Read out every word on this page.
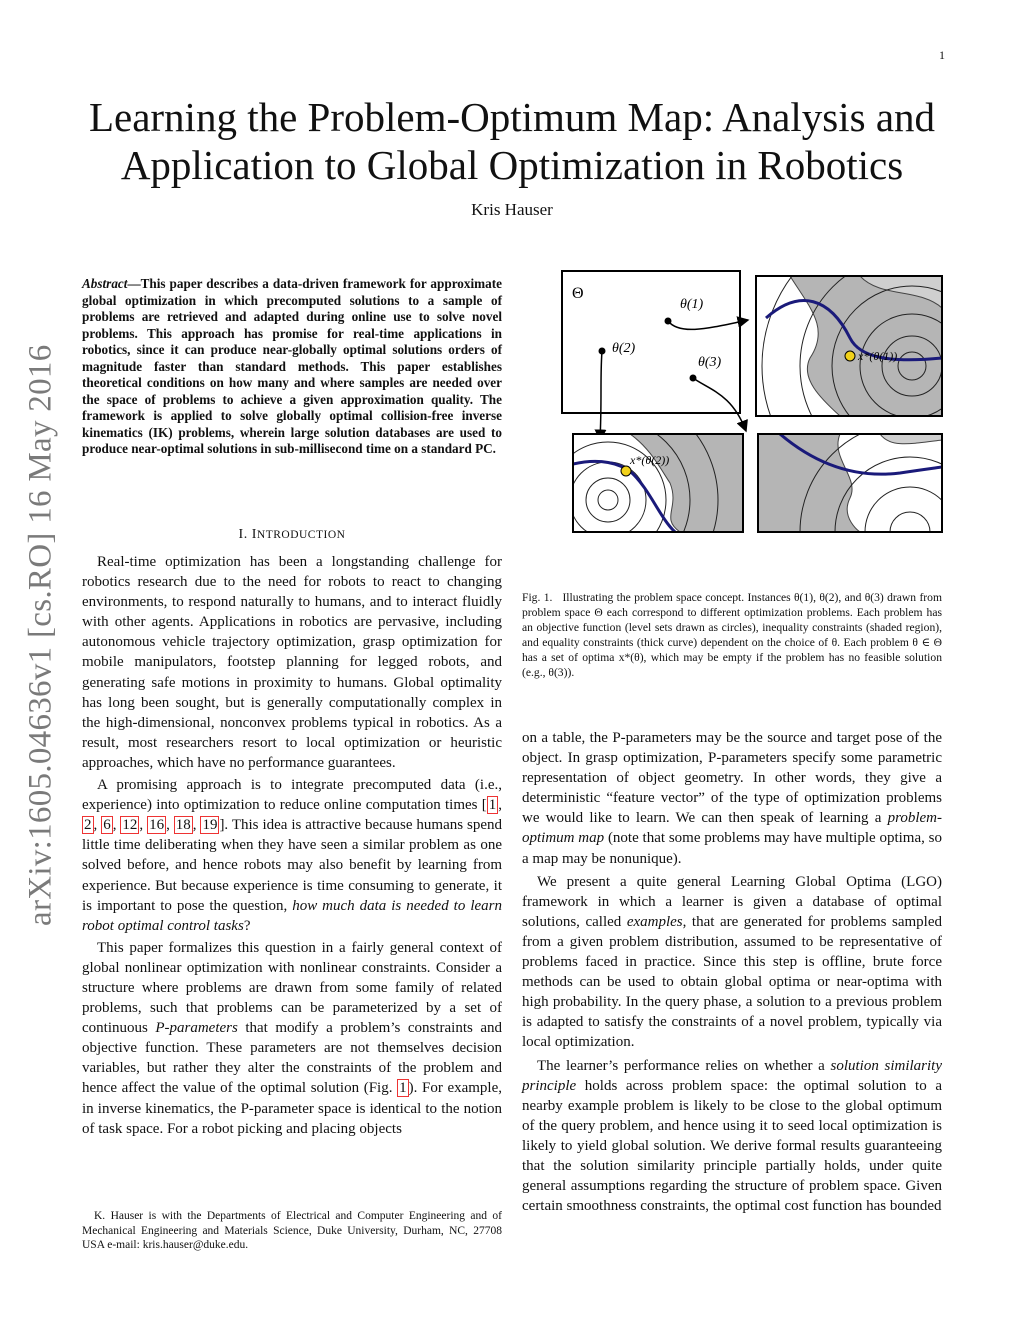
1
arXiv:1605.04636v1 [cs.RO] 16 May 2016
Learning the Problem-Optimum Map: Analysis and Application to Global Optimization in Robotics
Kris Hauser
Abstract—This paper describes a data-driven framework for approximate global optimization in which precomputed solutions to a sample of problems are retrieved and adapted during online use to solve novel problems. This approach has promise for real-time applications in robotics, since it can produce near-globally optimal solutions orders of magnitude faster than standard methods. This paper establishes theoretical conditions on how many and where samples are needed over the space of problems to achieve a given approximation quality. The framework is applied to solve globally optimal collision-free inverse kinematics (IK) problems, wherein large solution databases are used to produce near-optimal solutions in sub-millisecond time on a standard PC.
I. INTRODUCTION

Real-time optimization has been a longstanding challenge for robotics research due to the need for robots to react to changing environments, to respond naturally to humans, and to interact fluidly with other agents. Applications in robotics are pervasive, including autonomous vehicle trajectory optimization, grasp optimization for mobile manipulators, footstep planning for legged robots, and generating safe motions in proximity to humans. Global optimality has long been sought, but is generally computationally complex in the high-dimensional, nonconvex problems typical in robotics. As a result, most researchers resort to local optimization or heuristic approaches, which have no performance guarantees.

A promising approach is to integrate precomputed data (i.e., experience) into optimization to reduce online computation times [ 1 , 2 , 6 , 12 , 16 , 18 , 19 ]. This idea is attractive because humans spend little time deliberating when they have seen a similar problem as one solved before, and hence robots may also benefit by learning from experience. But because experience is time consuming to generate, it is important to pose the question, how much data is needed to learn robot optimal control tasks?

This paper formalizes this question in a fairly general context of global nonlinear optimization with nonlinear constraints. Consider a structure where problems are drawn from some family of related problems, such that problems can be parameterized by a set of continuous P-parameters that modify a problem’s constraints and objective function. These parameters are not themselves decision variables, but rather they alter the constraints of the problem and hence affect the value of the optimal solution (Fig. 1 ). For example, in inverse kinematics, the P-parameter space is identical to the notion of task space. For a robot picking and placing objects

K. Hauser is with the Departments of Electrical and Computer Engineering and of Mechanical Engineering and Materials Science, Duke University, Durham, NC, 27708 USA e-mail: kris.hauser@duke.edu.

Θ
θ(1)
θ(2)
θ(3)	x*(θ(1))
x*(θ(2))
Fig. 1. Illustrating the problem space concept. Instances θ(1), θ(2), and θ(3) drawn from problem space Θ each correspond to different optimization problems. Each problem has an objective function (level sets drawn as circles), inequality constraints (shaded region), and equality constraints (thick curve) dependent on the choice of θ. Each problem θ ∈ Θ has a set of optima x*(θ), which may be empty if the problem has no feasible solution (e.g., θ(3)).

on a table, the P-parameters may be the source and target pose of the object. In grasp optimization, P-parameters specify some parametric representation of object geometry. In other words, they give a deterministic “feature vector” of the type of optimization problems we would like to learn. We can then speak of learning a problem-optimum map (note that some problems may have multiple optima, so a map may be nonunique).

We present a quite general Learning Global Optima (LGO) framework in which a learner is given a database of optimal solutions, called examples, that are generated for problems sampled from a given problem distribution, assumed to be representative of problems faced in practice. Since this step is offline, brute force methods can be used to obtain global optima or near-optima with high probability. In the query phase, a solution to a previous problem is adapted to satisfy the constraints of a novel problem, typically via local optimization.

The learner’s performance relies on whether a solution similarity principle holds across problem space: the optimal solution to a nearby example problem is likely to be close to the global optimum of the query problem, and hence using it to seed local optimization is likely to yield global solution. We derive formal results guaranteeing that the solution similarity principle partially holds, under quite general assumptions regarding the structure of problem space. Given certain smoothness constraints, the optimal cost function has bounded
